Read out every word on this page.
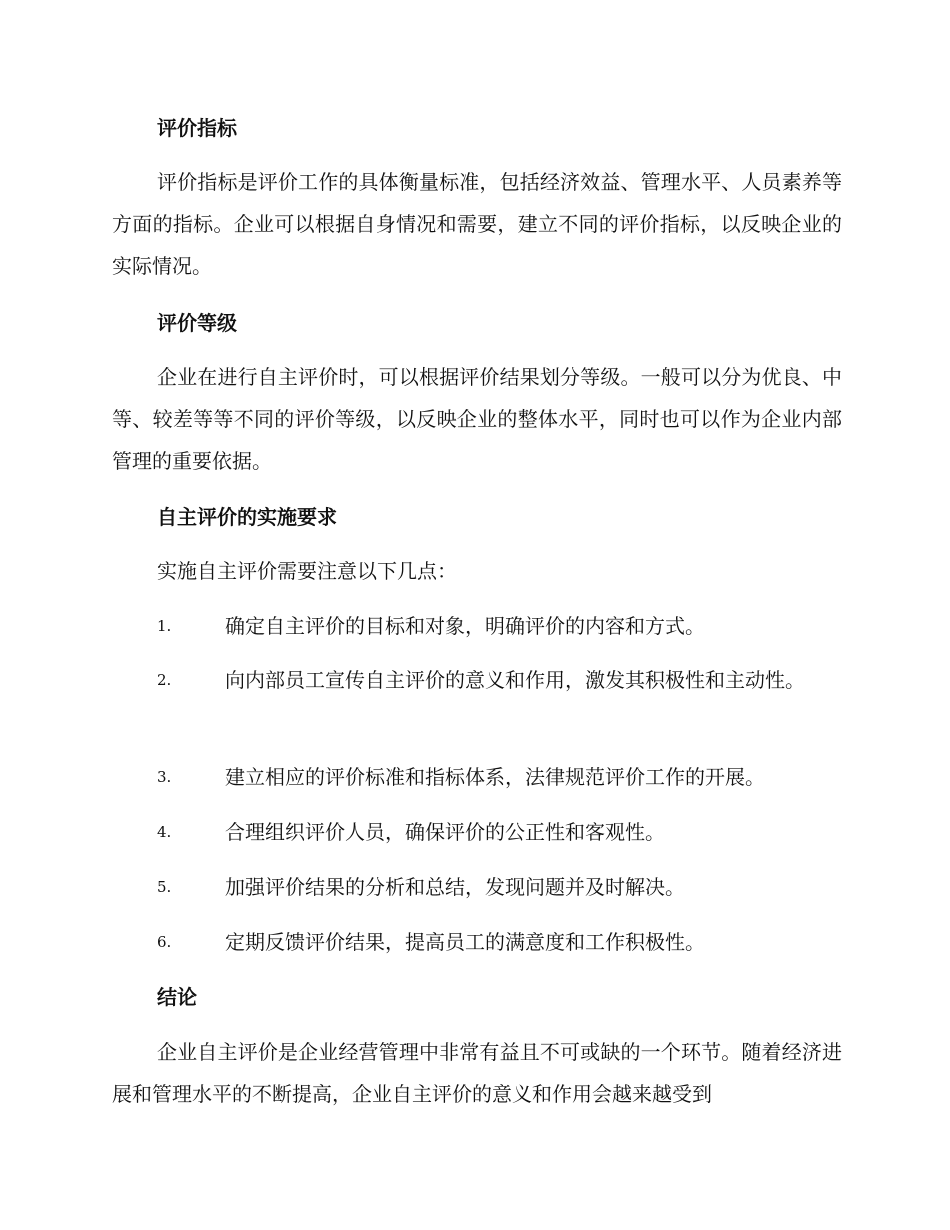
评价指标

评价指标是评价工作的具体衡量标准，包括经济效益、管理水平、人员素养等方面的指标。企业可以根据自身情况和需要，建立不同的评价指标，以反映企业的实际情况。

评价等级

企业在进行自主评价时，可以根据评价结果划分等级。一般可以分为优良、中等、较差等等不同的评价等级，以反映企业的整体水平，同时也可以作为企业内部管理的重要依据。

自主评价的实施要求

实施自主评价需要注意以下几点：

1.	确定自主评价的目标和对象，明确评价的内容和方式。
2.	向内部员工宣传自主评价的意义和作用，激发其积极性和主动性。
3.	建立相应的评价标准和指标体系，法律规范评价工作的开展。
4.	合理组织评价人员，确保评价的公正性和客观性。
5.	加强评价结果的分析和总结，发现问题并及时解决。
6.	定期反馈评价结果，提高员工的满意度和工作积极性。
结论

企业自主评价是企业经营管理中非常有益且不可或缺的一个环节。随着经济进展和管理水平的不断提高，企业自主评价的意义和作用会越来越受到
